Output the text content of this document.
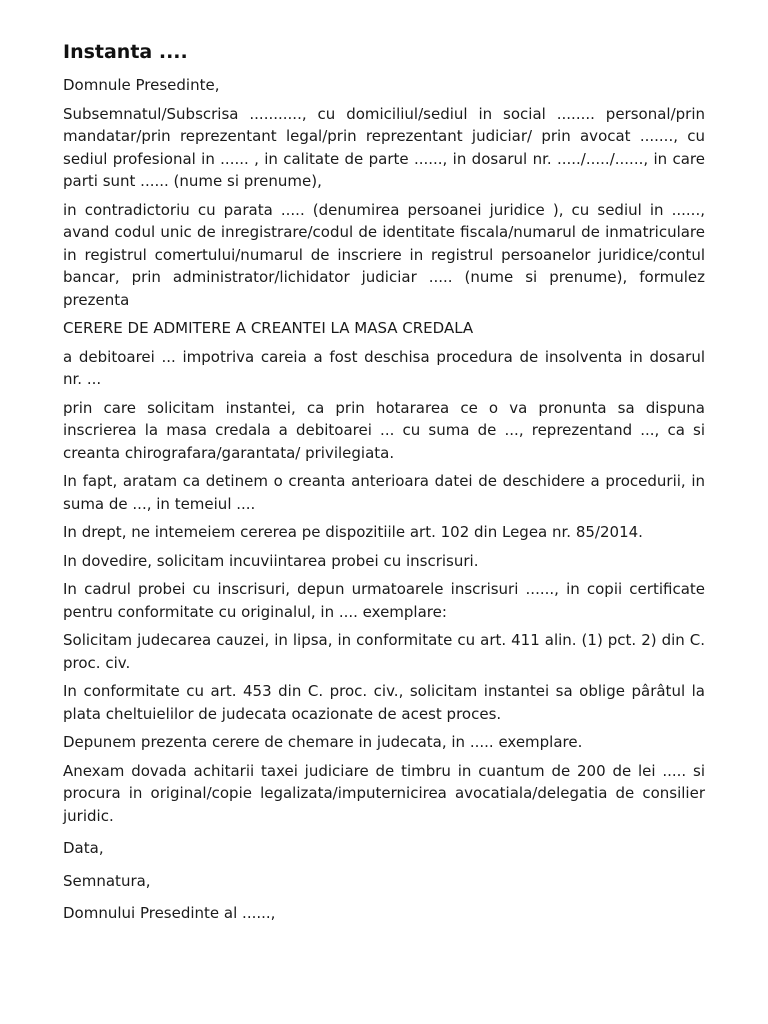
Instanta ....

Domnule Presedinte,

Subsemnatul/Subscrisa ..........., cu domiciliul/sediul in social ........ personal/prin mandatar/prin reprezentant legal/prin reprezentant judiciar/ prin avocat ......., cu sediul profesional in ...... , in calitate de parte ......, in dosarul nr. ...../...../......, in care parti sunt ...... (nume si prenume),

in contradictoriu cu parata ..... (denumirea persoanei juridice ), cu sediul in ......, avand codul unic de inregistrare/codul de identitate fiscala/numarul de inmatriculare in registrul comertului/numarul de inscriere in registrul persoanelor juridice/contul bancar, prin administrator/lichidator judiciar ..... (nume si prenume), formulez prezenta

CERERE DE ADMITERE A CREANTEI LA MASA CREDALA

a debitoarei ... impotriva careia a fost deschisa procedura de insolventa in dosarul nr. ...

prin care solicitam instantei, ca prin hotararea ce o va pronunta sa dispuna inscrierea la masa credala a debitoarei ... cu suma de ..., reprezentand ..., ca si creanta chirografara/garantata/ privilegiata.

In fapt, aratam ca detinem o creanta anterioara datei de deschidere a procedurii, in suma de ..., in temeiul ....

In drept, ne intemeiem cererea pe dispozitiile art. 102 din Legea nr. 85/2014.

In dovedire, solicitam incuviintarea probei cu inscrisuri.

In cadrul probei cu inscrisuri, depun urmatoarele inscrisuri ......, in copii certificate pentru conformitate cu originalul, in .... exemplare:

Solicitam judecarea cauzei, in lipsa, in conformitate cu art. 411 alin. (1) pct. 2) din C. proc. civ.

In conformitate cu art. 453 din C. proc. civ., solicitam instantei sa oblige pârâtul la plata cheltuielilor de judecata ocazionate de acest proces.

Depunem prezenta cerere de chemare in judecata, in ..... exemplare.

Anexam dovada achitarii taxei judiciare de timbru in cuantum de 200 de lei ..... si procura in original/copie legalizata/imputernicirea avocatiala/delegatia de consilier juridic.

Data,

Semnatura,

Domnului Presedinte al ......,
